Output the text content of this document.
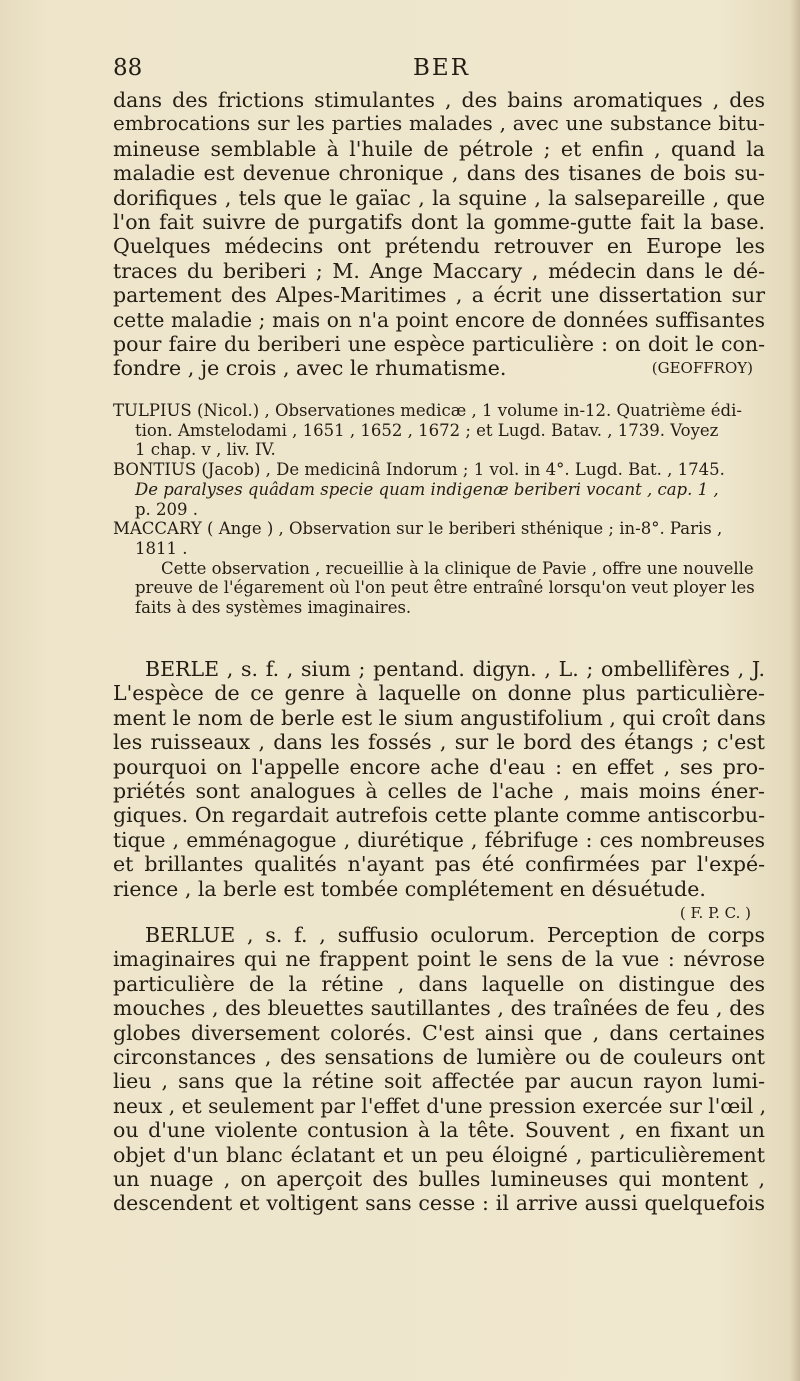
88	BER
dans des frictions stimulantes , des bains aromatiques , des
embrocations sur les parties malades , avec une substance bitu-
mineuse semblable à l'huile de pétrole ; et enfin , quand la
maladie est devenue chronique , dans des tisanes de bois su-
dorifiques , tels que le gaïac , la squine , la salsepareille , que
l'on fait suivre de purgatifs dont la gomme-gutte fait la base.
Quelques médecins ont prétendu retrouver en Europe les
traces du beriberi ; M. Ange Maccary , médecin dans le dé-
partement des Alpes-Maritimes , a écrit une dissertation sur
cette maladie ; mais on n'a point encore de données suffisantes
pour faire du beriberi une espèce particulière : on doit le con-
fondre , je crois , avec le rhumatisme.	(GEOFFROY)
TULPIUS (Nicol.) , Observationes medicæ , 1 volume in-12. Quatrième édi-
tion. Amstelodami , 1651 , 1652 , 1672 ; et Lugd. Batav. , 1739. Voyez
1 chap. v , liv. IV.
BONTIUS (Jacob) , De medicinâ Indorum ; 1 vol. in 4°. Lugd. Bat. , 1745.
De paralyses quâdam specie quam indigenæ beriberi vocant , cap. 1 ,
p. 209 .
MACCARY ( Ange ) , Observation sur le beriberi sthénique ; in-8°. Paris ,
1811 .
Cette observation , recueillie à la clinique de Pavie , offre une nouvelle
preuve de l'égarement où l'on peut être entraîné lorsqu'on veut ployer les
faits à des systèmes imaginaires.
BERLE , s. f. , sium ; pentand. digyn. , L. ; ombellifères , J.
L'espèce de ce genre à laquelle on donne plus particulière-
ment le nom de berle est le sium angustifolium , qui croît dans
les ruisseaux , dans les fossés , sur le bord des étangs ; c'est
pourquoi on l'appelle encore ache d'eau : en effet , ses pro-
priétés sont analogues à celles de l'ache , mais moins éner-
giques. On regardait autrefois cette plante comme antiscorbu-
tique , emménagogue , diurétique , fébrifuge : ces nombreuses
et brillantes qualités n'ayant pas été confirmées par l'expé-
rience , la berle est tombée complétement en désuétude.
( F. P. C. )
BERLUE , s. f. , suffusio oculorum. Perception de corps
imaginaires qui ne frappent point le sens de la vue : névrose
particulière de la rétine , dans laquelle on distingue des
mouches , des bleuettes sautillantes , des traînées de feu , des
globes diversement colorés. C'est ainsi que , dans certaines
circonstances , des sensations de lumière ou de couleurs ont
lieu , sans que la rétine soit affectée par aucun rayon lumi-
neux , et seulement par l'effet d'une pression exercée sur l'œil ,
ou d'une violente contusion à la tête. Souvent , en fixant un
objet d'un blanc éclatant et un peu éloigné , particulièrement
un nuage , on aperçoit des bulles lumineuses qui montent ,
descendent et voltigent sans cesse : il arrive aussi quelquefois
